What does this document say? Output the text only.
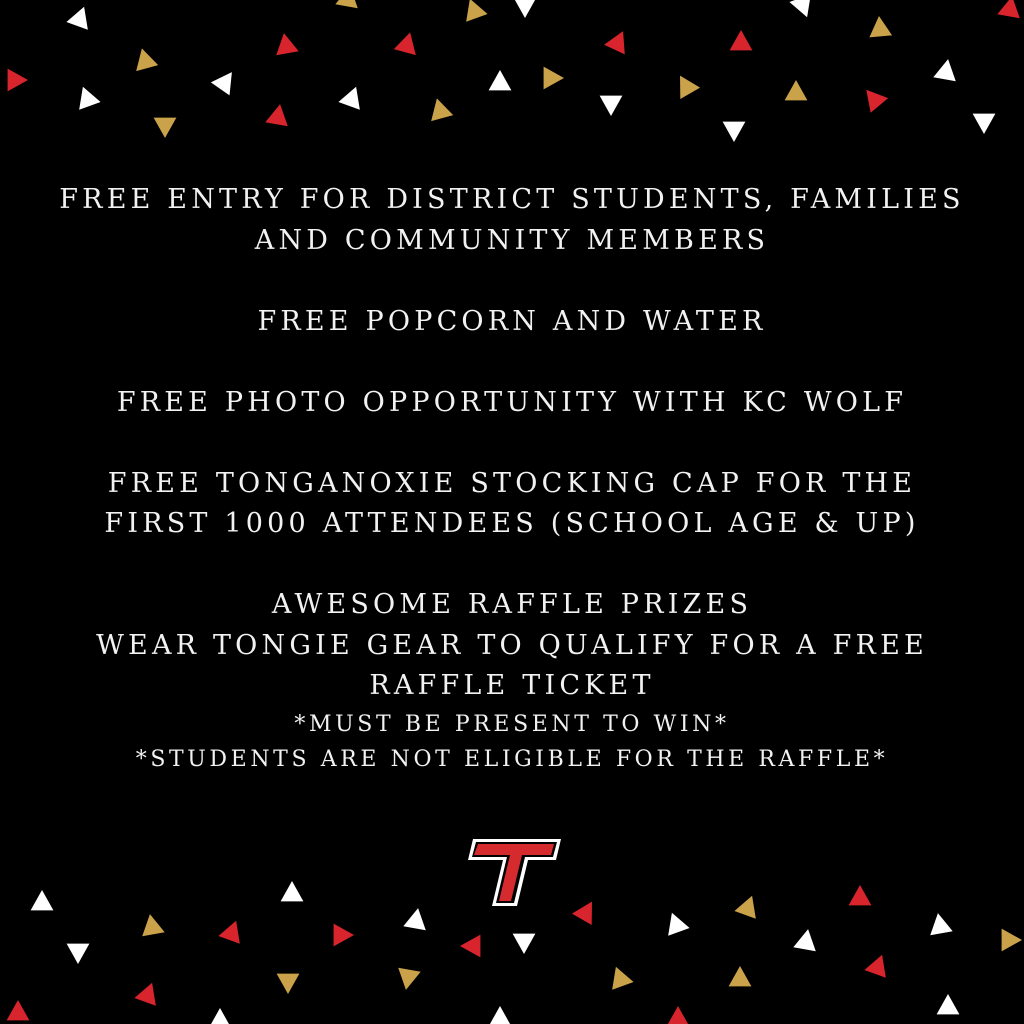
FREE ENTRY FOR DISTRICT STUDENTS, FAMILIES

AND COMMUNITY MEMBERS

FREE POPCORN AND WATER

FREE PHOTO OPPORTUNITY WITH KC WOLF

FREE TONGANOXIE STOCKING CAP FOR THE

FIRST 1000 ATTENDEES (SCHOOL AGE & UP)

AWESOME RAFFLE PRIZES

WEAR TONGIE GEAR TO QUALIFY FOR A FREE

RAFFLE TICKET

*MUST BE PRESENT TO WIN*

*STUDENTS ARE NOT ELIGIBLE FOR THE RAFFLE*
